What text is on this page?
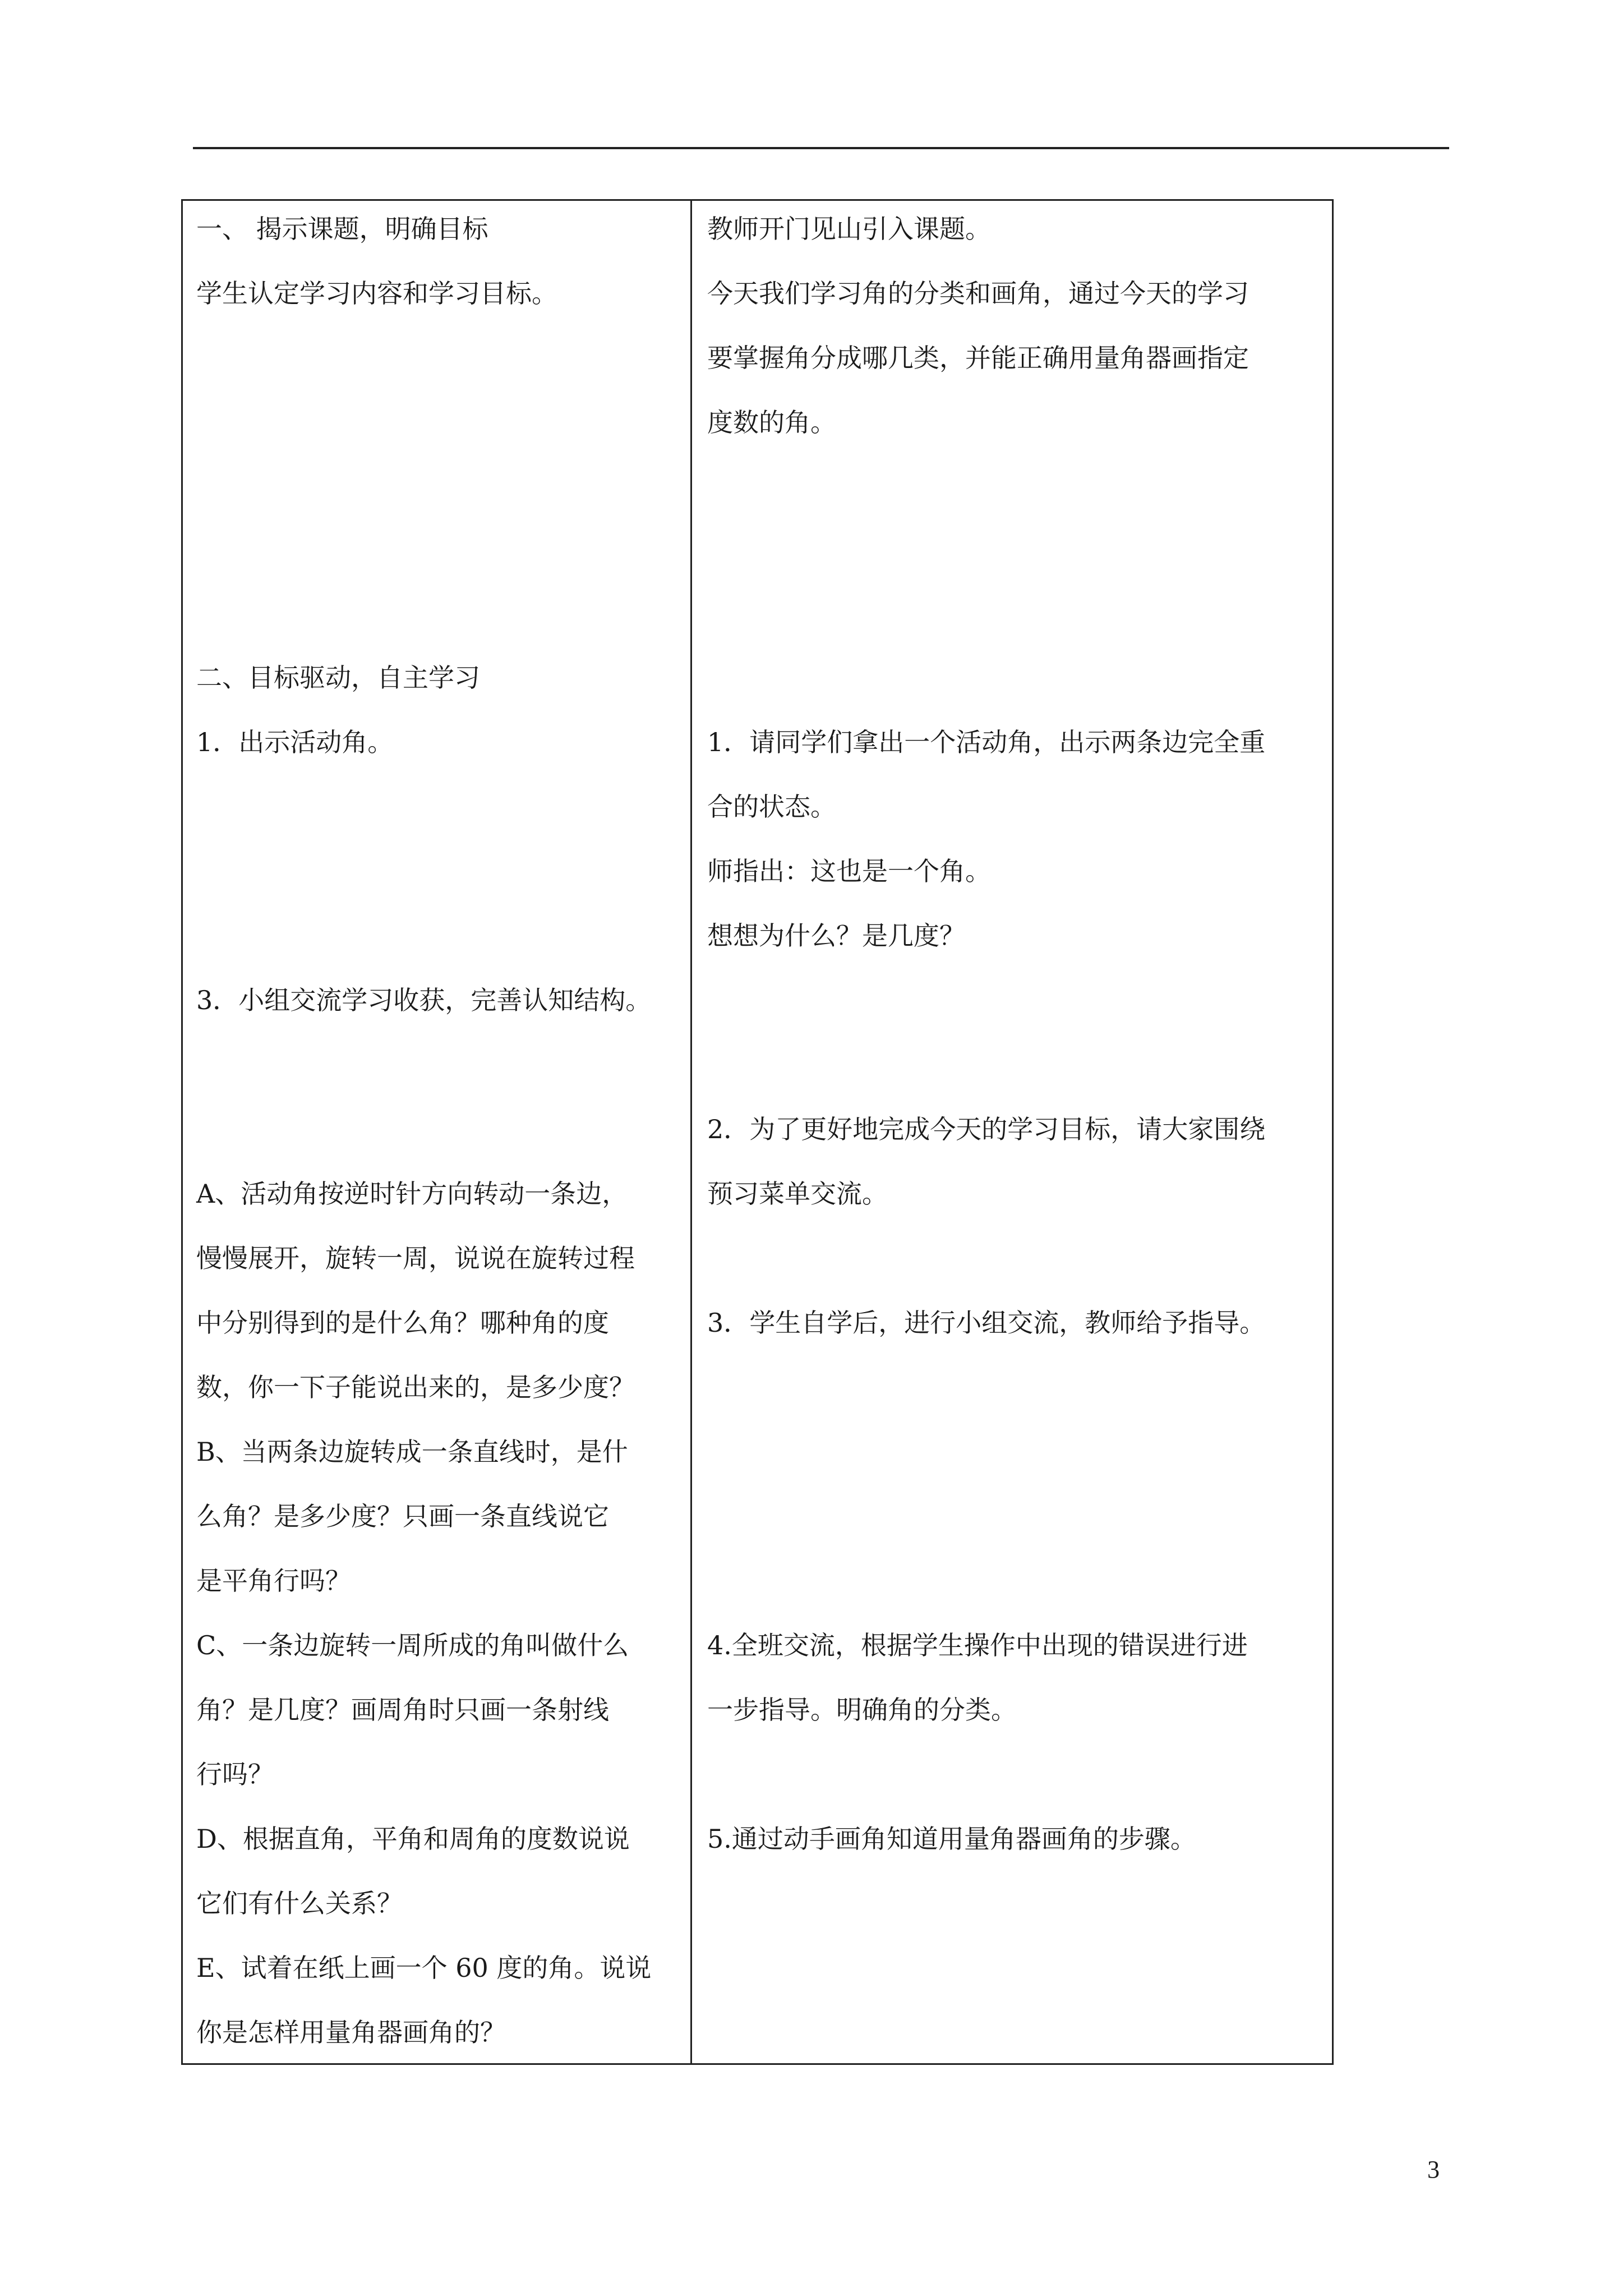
一、 揭示课题，明确目标
学生认定学习内容和学习目标。
二、目标驱动，自主学习
1．出示活动角。
3．小组交流学习收获，完善认知结构。
A、活动角按逆时针方向转动一条边，
慢慢展开，旋转一周，说说在旋转过程
中分别得到的是什么角？哪种角的度
数，你一下子能说出来的，是多少度？
B、当两条边旋转成一条直线时，是什
么角？是多少度？只画一条直线说它
是平角行吗？
C、一条边旋转一周所成的角叫做什么
角？是几度？画周角时只画一条射线
行吗？
D、根据直角，平角和周角的度数说说
它们有什么关系？
E、试着在纸上画一个 60 度的角。说说
你是怎样用量角器画角的？
教师开门见山引入课题。
今天我们学习角的分类和画角，通过今天的学习
要掌握角分成哪几类，并能正确用量角器画指定
度数的角。
1．请同学们拿出一个活动角，出示两条边完全重
合的状态。
师指出：这也是一个角。
想想为什么？是几度？
2．为了更好地完成今天的学习目标，请大家围绕
预习菜单交流。
3．学生自学后，进行小组交流，教师给予指导。
4.全班交流，根据学生操作中出现的错误进行进
一步指导。明确角的分类。
5.通过动手画角知道用量角器画角的步骤。
3
